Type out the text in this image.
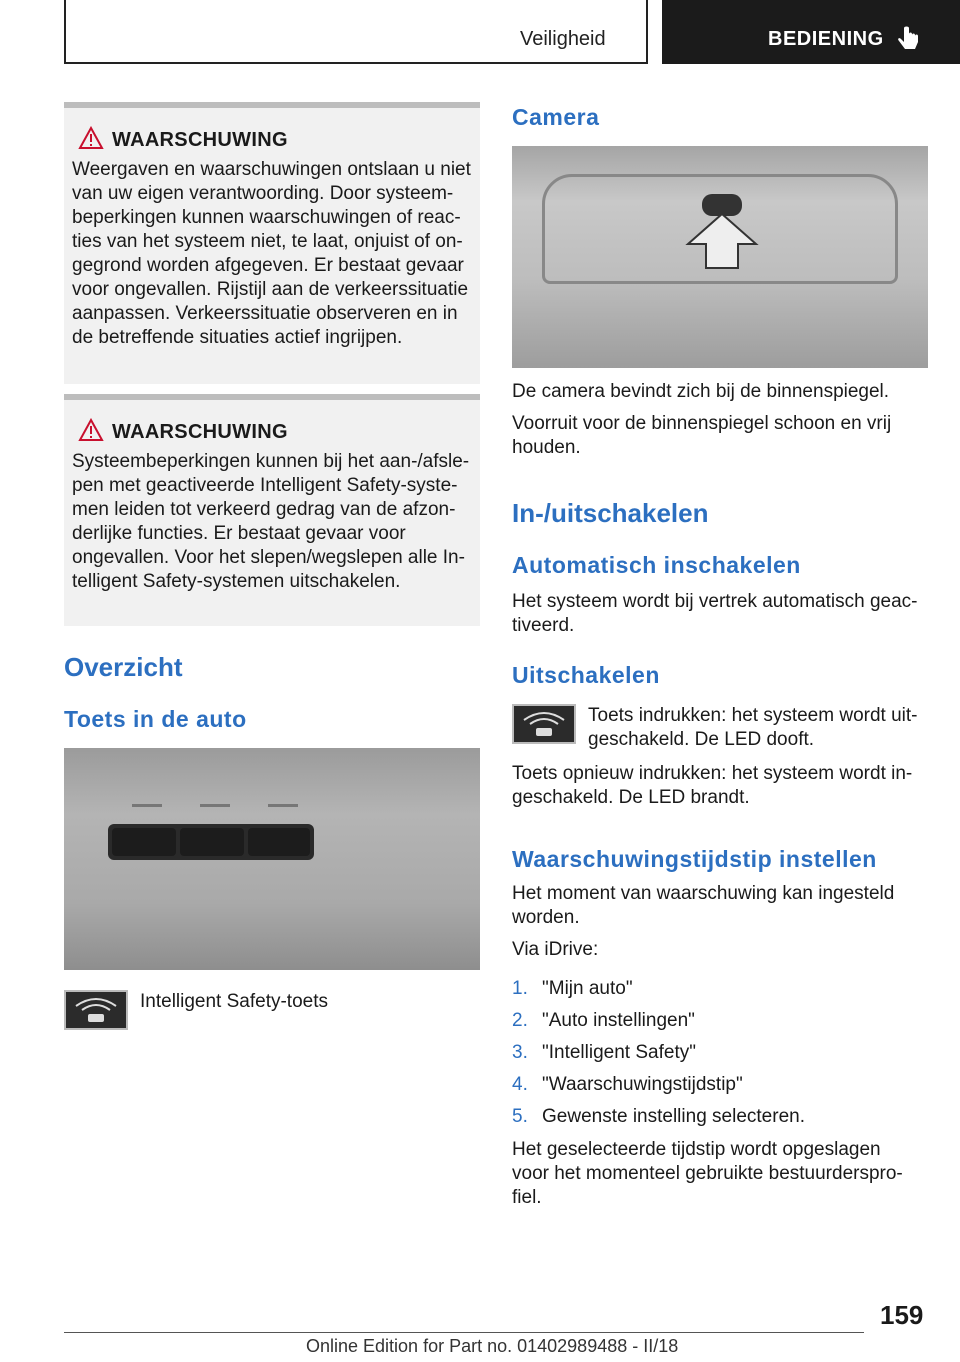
Veiligheid	BEDIENING
WAARSCHUWING
Weergaven en waarschuwingen ontslaan u niet
van uw eigen verantwoording. Door systeem-
beperkingen kunnen waarschuwingen of reac-
ties van het systeem niet, te laat, onjuist of on-
gegrond worden afgegeven. Er bestaat gevaar
voor ongevallen. Rijstijl aan de verkeerssituatie
aanpassen. Verkeerssituatie observeren en in
de betreffende situaties actief ingrijpen.
WAARSCHUWING
Systeembeperkingen kunnen bij het aan-/afsle-
pen met geactiveerde Intelligent Safety-syste-
men leiden tot verkeerd gedrag van de afzon-
derlijke functies. Er bestaat gevaar voor
ongevallen. Voor het slepen/wegslepen alle In-
telligent Safety-systemen uitschakelen.
Overzicht
Toets in de auto
Intelligent Safety-toets
Camera
De camera bevindt zich bij de binnenspiegel.
Voorruit voor de binnenspiegel schoon en vrij
houden.
In-/uitschakelen
Automatisch inschakelen
Het systeem wordt bij vertrek automatisch geac-
tiveerd.
Uitschakelen
Toets indrukken: het systeem wordt uit-
geschakeld. De LED dooft.
Toets opnieuw indrukken: het systeem wordt in-
geschakeld. De LED brandt.
Waarschuwingstijdstip instellen
Het moment van waarschuwing kan ingesteld
worden.
Via iDrive:
1. "Mijn auto"
2. "Auto instellingen"
3. "Intelligent Safety"
4. "Waarschuwingstijdstip"
5. Gewenste instelling selecteren.
Het geselecteerde tijdstip wordt opgeslagen
voor het momenteel gebruikte bestuurderspro-
fiel.
159
Online Edition for Part no. 01402989488 - II/18
